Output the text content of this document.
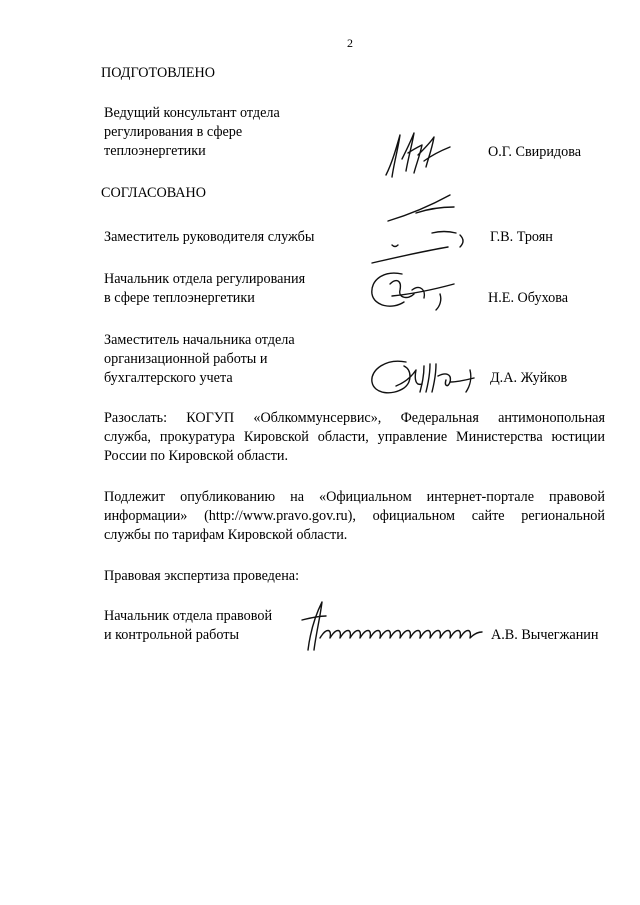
2
ПОДГОТОВЛЕНО
Ведущий консультант отдела
регулирования в сфере
теплоэнергетики	О.Г. Свиридова
СОГЛАСОВАНО
Заместитель руководителя службы	Г.В. Троян
Начальник отдела регулирования
в сфере теплоэнергетики	Н.Е. Обухова
Заместитель начальника отдела
организационной работы и
бухгалтерского учета	Д.А. Жуйков
Разослать: КОГУП «Облкоммунсервис», Федеральная антимонопольная
служба, прокуратура Кировской области, управление Министерства юстиции
России по Кировской области.
Подлежит опубликованию на «Официальном интернет-портале правовой
информации» (http://www.pravo.gov.ru), официальном сайте региональной
службы по тарифам Кировской области.
Правовая экспертиза проведена:
Начальник отдела правовой
и контрольной работы	А.В. Вычегжанин
